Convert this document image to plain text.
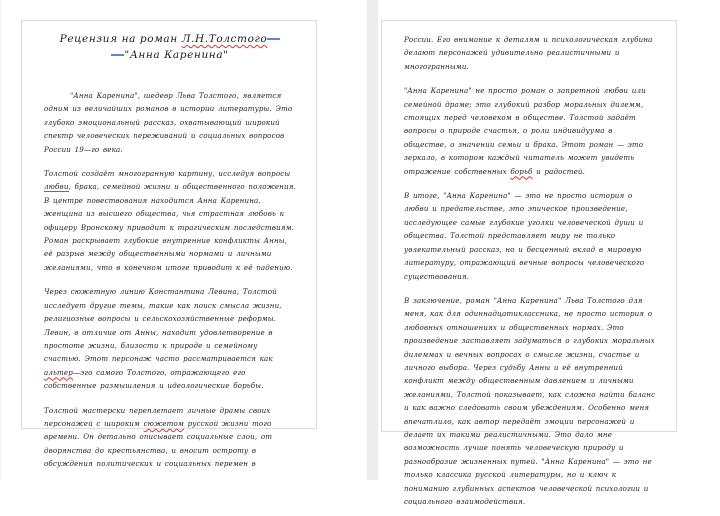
Рецензия на роман Л.Н.Толстого
"Анна Каренина"

"Анна Каренина", шедевр Льва Толстого, является одним из величайших романов в истории литературы. Это глубоко эмоциональный рассказ, охватывающий широкий спектр человеческих переживаний и социальных вопросов России 19—го века.

Толстой создаёт многогранную картину, исследуя вопросы любви, брака, семейной жизни и общественного положения. В центре повествования находится Анна Каренина, женщина из высшего общества, чья страстная любовь к офицеру Вронскому приводит к трагическим последствиям. Роман раскрывает глубокие внутренние конфликты Анны, её разрыв между общественными нормами и личными желаниями, что в конечном итоге приводит к её падению.

Через сюжетную линию Константина Левина, Толстой исследует другие темы, такие как поиск смысла жизни, религиозные вопросы и сельскохозяйственные реформы. Левин, в отличие от Анны, находит удовлетворение в простоте жизни, близости к природе и семейному счастью. Этот персонаж часто рассматривается как альтер—эго самого Толстого, отражающего его собственные размышления и идеологические борьбы.

Толстой мастерски переплетает личные драмы своих персонажей с широким сюжетом русской жизни того времени. Он детально описывает социальные слои, от дворянства до крестьянства, и вносит остроту в обсуждения политических и социальных перемен в

России. Его внимание к деталям и психологическая глубина делают персонажей удивительно реалистичными и многогранными.

"Анна Каренина" не просто роман о запретной любви или семейной драме; это глубокий разбор моральных дилемм, стоящих перед человеком в обществе. Толстой задаёт вопросы о природе счастья, о роли индивидуума в обществе, о значении семьи и брака. Этот роман — это зеркало, в котором каждый читатель может увидеть отражение собственных борьб и радостей.

В итоге, "Анна Каренина" — это не просто история о любви и предательстве, это эпическое произведение, исследующее самые глубокие уголки человеческой души и общества. Толстой представляет миру не только увлекательный рассказ, но и бесценный вклад в мировую литературу, отражающий вечные вопросы человеческого существования.

В заключение, роман "Анна Каренина" Льва Толстого для меня, как для одиннадцатиклассника, не просто история о любовных отношениях и общественных нормах. Это произведение заставляет задуматься о глубоких моральных дилеммах и вечных вопросах о смысле жизни, счастье и личного выбора. Через судьбу Анны и её внутренний конфликт между общественным давлением и личными желаниями, Толстой показывает, как сложно найти баланс и как важно следовать своим убеждениям. Особенно меня впечатлило, как автор передаёт эмоции персонажей и делает их такими реалистичными. Это дало мне возможность лучше понять человеческую природу и разнообразие жизненных путей. "Анна Каренина" — это не только классика русской литературы, но и ключ к пониманию глубинных аспектов человеческой психологии и социального взаимодействия.
